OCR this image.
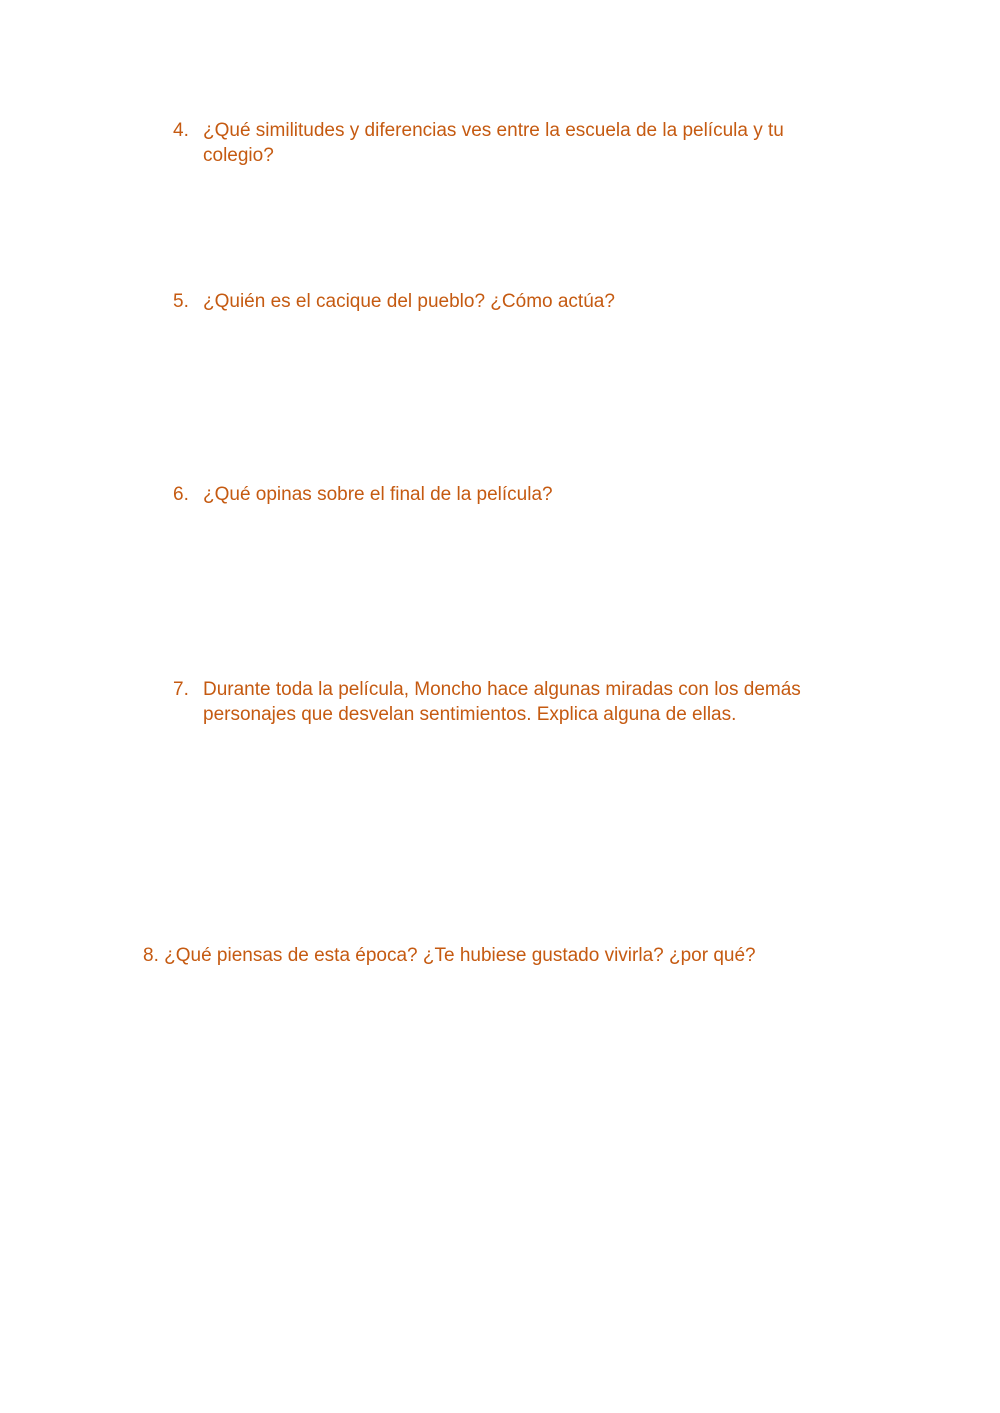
4. ¿Qué similitudes y diferencias ves entre la escuela de la película y tu colegio?
5. ¿Quién es el cacique del pueblo? ¿Cómo actúa?
6. ¿Qué opinas sobre el final de la película?
7. Durante toda la película, Moncho hace algunas miradas con los demás personajes que desvelan sentimientos. Explica alguna de ellas.

8. ¿Qué piensas de esta época? ¿Te hubiese gustado vivirla? ¿por qué?
